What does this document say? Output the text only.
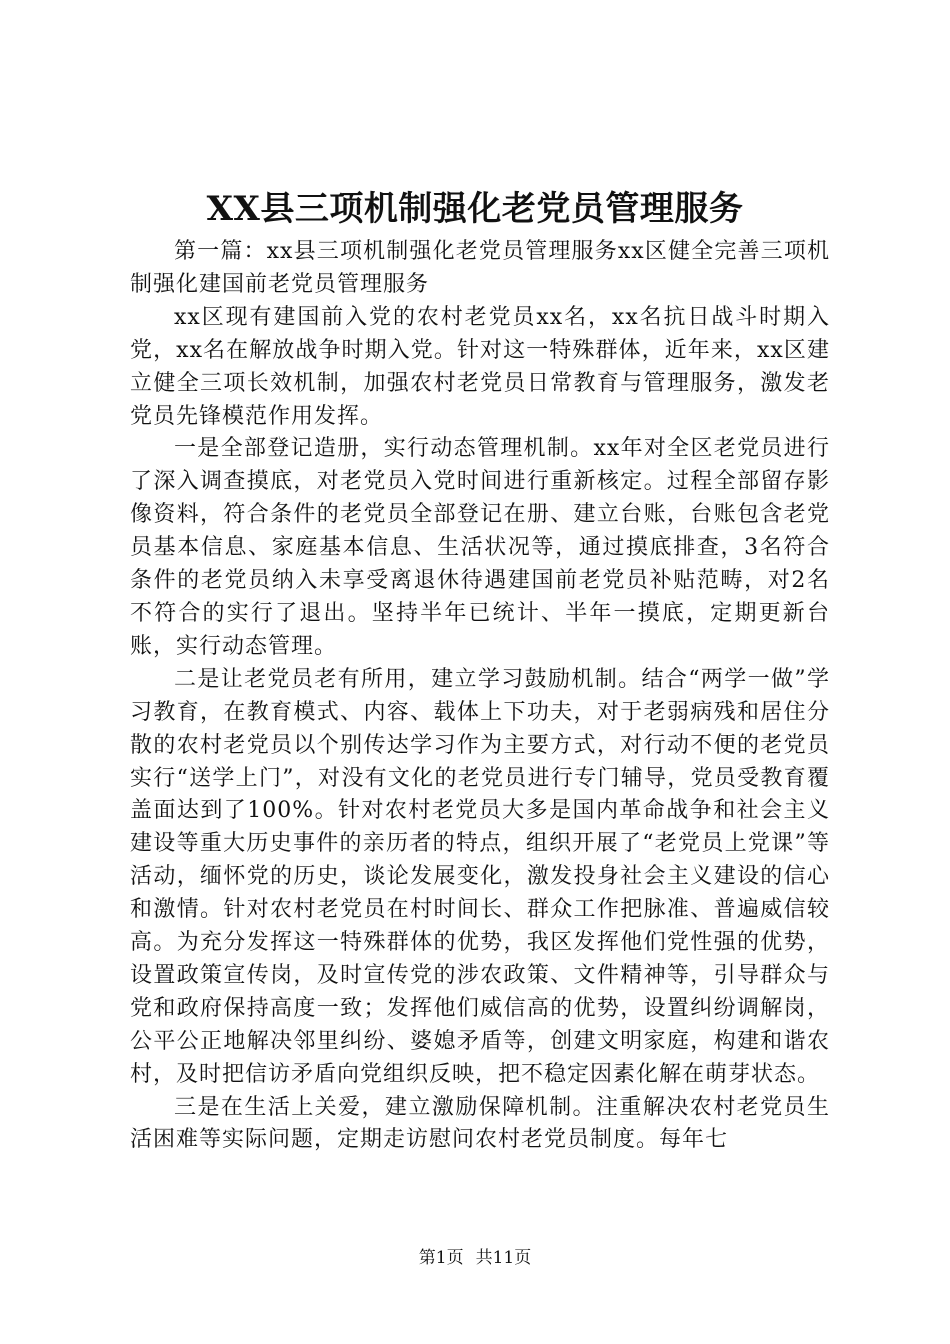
XX县三项机制强化老党员管理服务

第一篇：xx县三项机制强化老党员管理服务xx区健全完善三项机制强化建国前老党员管理服务

xx区现有建国前入党的农村老党员xx名，xx名抗日战斗时期入党，xx名在解放战争时期入党。针对这一特殊群体，近年来，xx区建立健全三项长效机制，加强农村老党员日常教育与管理服务，激发老党员先锋模范作用发挥。

一是全部登记造册，实行动态管理机制。xx年对全区老党员进行了深入调查摸底，对老党员入党时间进行重新核定。过程全部留存影像资料，符合条件的老党员全部登记在册、建立台账，台账包含老党员基本信息、家庭基本信息、生活状况等，通过摸底排查，3名符合条件的老党员纳入未享受离退休待遇建国前老党员补贴范畴，对2名不符合的实行了退出。坚持半年已统计、半年一摸底，定期更新台账，实行动态管理。

二是让老党员老有所用，建立学习鼓励机制。结合“两学一做”学习教育，在教育模式、内容、载体上下功夫，对于老弱病残和居住分散的农村老党员以个别传达学习作为主要方式，对行动不便的老党员实行“送学上门”，对没有文化的老党员进行专门辅导，党员受教育覆盖面达到了100%。针对农村老党员大多是国内革命战争和社会主义建设等重大历史事件的亲历者的特点，组织开展了“老党员上党课”等活动，缅怀党的历史，谈论发展变化，激发投身社会主义建设的信心和激情。针对农村老党员在村时间长、群众工作把脉准、普遍威信较高。为充分发挥这一特殊群体的优势，我区发挥他们党性强的优势，设置政策宣传岗，及时宣传党的涉农政策、文件精神等，引导群众与党和政府保持高度一致；发挥他们威信高的优势，设置纠纷调解岗，公平公正地解决邻里纠纷、婆媳矛盾等，创建文明家庭，构建和谐农村，及时把信访矛盾向党组织反映，把不稳定因素化解在萌芽状态。

三是在生活上关爱，建立激励保障机制。注重解决农村老党员生活困难等实际问题，定期走访慰问农村老党员制度。每年七

第1页 共11页
